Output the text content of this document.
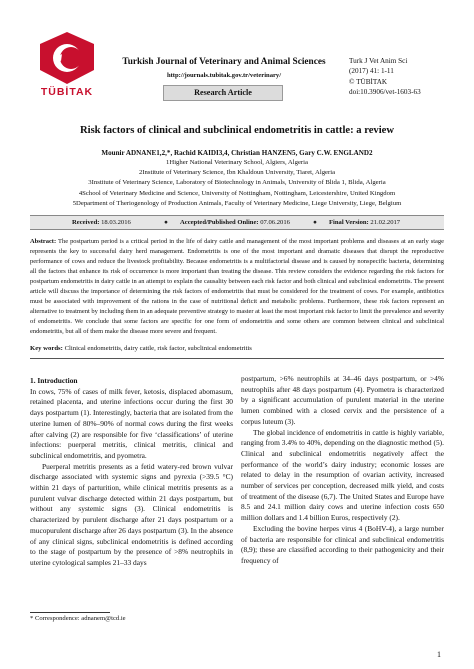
TÜBİTAK
Turkish Journal of Veterinary and Animal Sciences
http://journals.tubitak.gov.tr/veterinary/
Research Article
Turk J Vet Anim Sci
(2017) 41: 1-11
© TÜBİTAK
doi:10.3906/vet-1603-63
Risk factors of clinical and subclinical endometritis in cattle: a review
Mounir ADNANE1,2,*, Rachid KAIDI3,4, Christian HANZEN5, Gary C.W. ENGLAND2
1Higher National Veterinary School, Algiers, Algeria
2Institute of Veterinary Science, Ibn Khaldoun University, Tiaret, Algeria
3Institute of Veterinary Science, Laboratory of Biotechnology in Animals, University of Blida 1, Blida, Algeria
4School of Veterinary Medicine and Science, University of Nottingham, Nottingham, Leicestershire, United Kingdom
5Department of Theriogenology of Production Animals, Faculty of Veterinary Medicine, Liege University, Liege, Belgium
Received: 18.03.2016	● Accepted/Published Online: 07.06.2016	● Final Version: 21.02.2017
Abstract: The postpartum period is a critical period in the life of dairy cattle and management of the most important problems and diseases at an early stage represents the key to successful dairy herd management. Endometritis is one of the most important and dramatic diseases that disrupt the reproductive performance of cows and reduce the livestock profitability. Because endometritis is a multifactorial disease and is caused by nonspecific bacteria, determining all the factors that enhance its risk of occurrence is more important than treating the disease. This review considers the evidence regarding the risk factors for postpartum endometritis in dairy cattle in an attempt to explain the causality between each risk factor and both clinical and subclinical endometritis. The present article will discuss the importance of determining the risk factors of endometritis that must be considered for the treatment of cows. For example, antibiotics must be associated with improvement of the rations in the case of nutritional deficit and metabolic problems. Furthermore, these risk factors represent an alternative to treatment by including them in an adequate preventive strategy to master at least the most important risk factor to limit the prevalence and severity of endometritis. We conclude that some factors are specific for one form of endometritis and some others are common between clinical and subclinical endometritis, but all of them make the disease more severe and frequent.
Key words: Clinical endometritis, dairy cattle, risk factor, subclinical endometritis
1. Introduction

In cows, 75% of cases of milk fever, ketosis, displaced abomasum, retained placenta, and uterine infections occur during the first 30 days postpartum (1). Interestingly, bacteria that are isolated from the uterine lumen of 80%–90% of normal cows during the first weeks after calving (2) are responsible for five ‘classifications’ of uterine infections: puerperal metritis, clinical metritis, clinical and subclinical endometritis, and pyometra.

Puerperal metritis presents as a fetid watery-red brown vulvar discharge associated with systemic signs and pyrexia (>39.5 °C) within 21 days of parturition, while clinical metritis presents as a purulent vulvar discharge detected within 21 days postpartum, but without any systemic signs (3). Clinical endometritis is characterized by purulent discharge after 21 days postpartum or a mucopurulent discharge after 26 days postpartum (3). In the absence of any clinical signs, subclinical endometritis is defined according to the stage of postpartum by the presence of >8% neutrophils in uterine cytological samples 21–33 days

postpartum, >6% neutrophils at 34–46 days postpartum, or >4% neutrophils after 48 days postpartum (4). Pyometra is characterized by a significant accumulation of purulent material in the uterine lumen combined with a closed cervix and the persistence of a corpus luteum (3).

The global incidence of endometritis in cattle is highly variable, ranging from 3.4% to 40%, depending on the diagnostic method (5). Clinical and subclinical endometritis negatively affect the performance of the world’s dairy industry; economic losses are related to delay in the resumption of ovarian activity, increased number of services per conception, decreased milk yield, and costs of treatment of the disease (6,7). The United States and Europe have 8.5 and 24.1 million dairy cows and uterine infection costs 650 million dollars and 1.4 billion Euros, respectively (2).

Excluding the bovine herpes virus 4 (BoHV-4), a large number of bacteria are responsible for clinical and subclinical endometritis (8,9); these are classified according to their pathogenicity and their frequency of

* Correspondence: adnanem@tcd.ie
1
